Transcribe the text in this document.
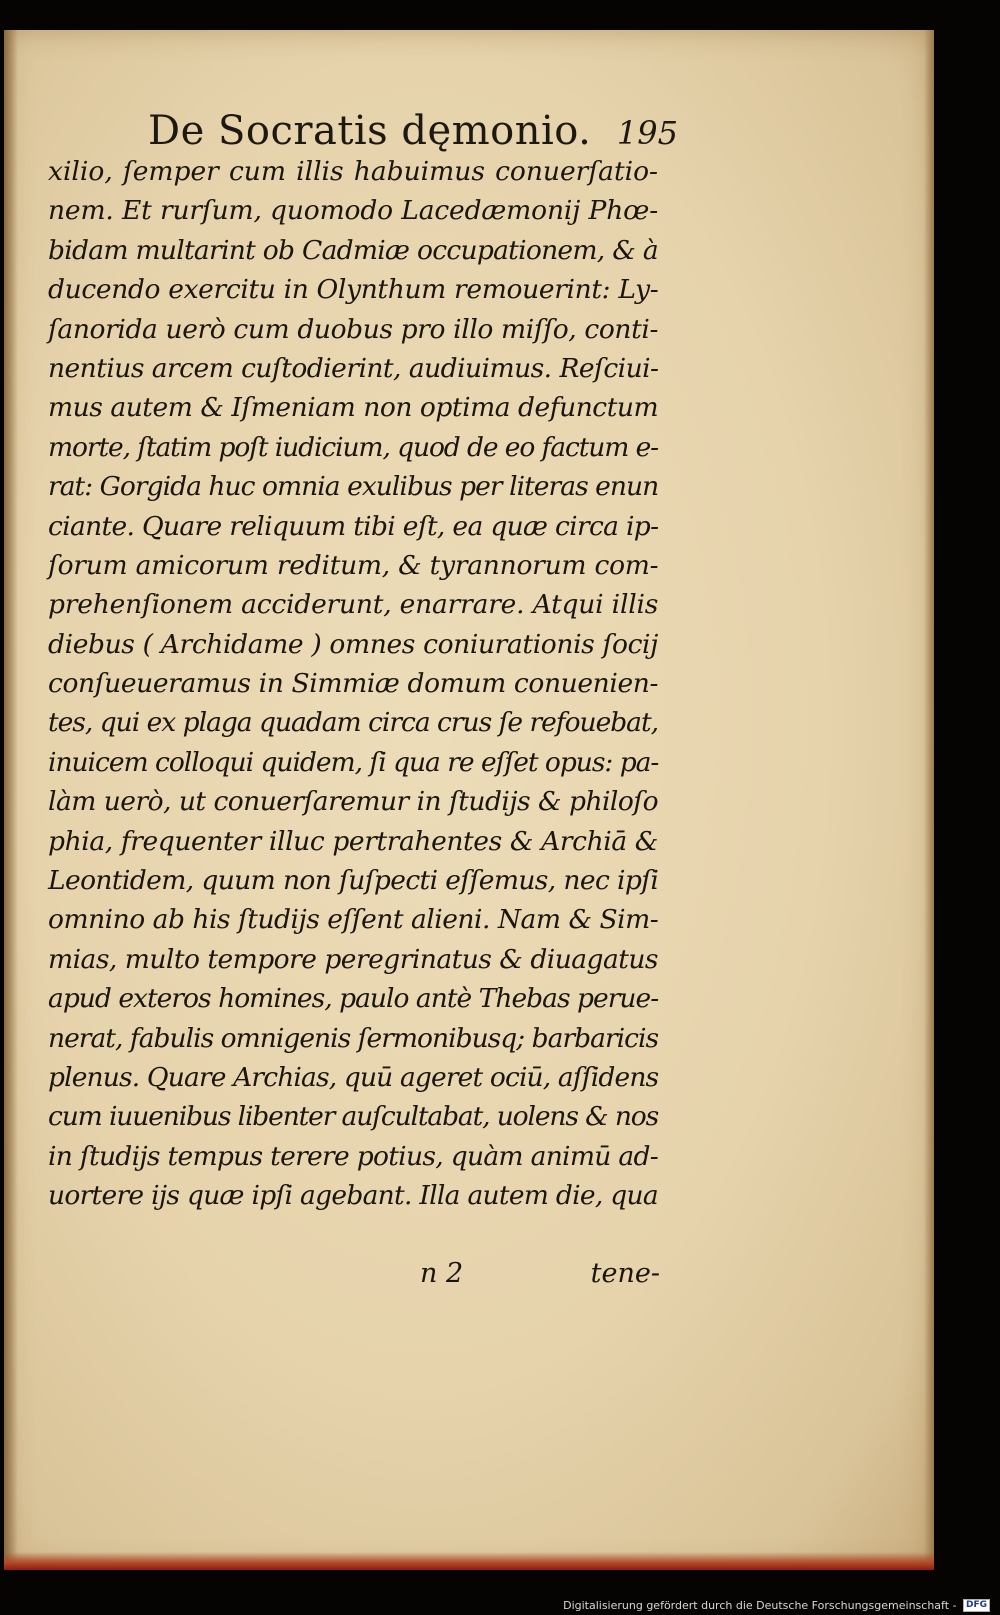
De Socratis dęmonio. 195
xilio, ſemper cum illis habuimus conuerſatio-
nem. Et rurſum, quomodo Lacedæmonij Phœ-
bidam multarint ob Cadmiæ occupationem, & à
ducendo exercitu in Olynthum remouerint: Ly-
ſanorida uerò cum duobus pro illo miſſo, conti-
nentius arcem cuſtodierint, audiuimus. Reſciui-
mus autem & Iſmeniam non optima defunctum
morte, ſtatim poſt iudicium, quod de eo factum e-
rat: Gorgida huc omnia exulibus per literas enun
ciante. Quare reliquum tibi eſt, ea quæ circa ip-
ſorum amicorum reditum, & tyrannorum com-
prehenſionem acciderunt, enarrare. Atqui illis
diebus ( Archidame ) omnes coniurationis ſocij
conſueueramus in Simmiæ domum conuenien-
tes, qui ex plaga quadam circa crus ſe refouebat,
inuicem colloqui quidem, ſi qua re eſſet opus: pa-
làm uerò, ut conuerſaremur in ſtudijs & philoſo
phia, frequenter illuc pertrahentes & Archiā &
Leontidem, quum non ſuſpecti eſſemus, nec ipſi
omnino ab his ſtudijs eſſent alieni. Nam & Sim-
mias, multo tempore peregrinatus & diuagatus
apud exteros homines, paulo antè Thebas perue-
nerat, fabulis omnigenis ſermonibusq; barbaricis
plenus. Quare Archias, quū ageret ociū, aſſidens
cum iuuenibus libenter auſcultabat, uolens & nos
in ſtudijs tempus terere potius, quàm animū ad-
uortere ijs quæ ipſi agebant. Illa autem die, qua
n 2	tene-
Digitalisierung gefördert durch die Deutsche Forschungsgemeinschaft - DFG
